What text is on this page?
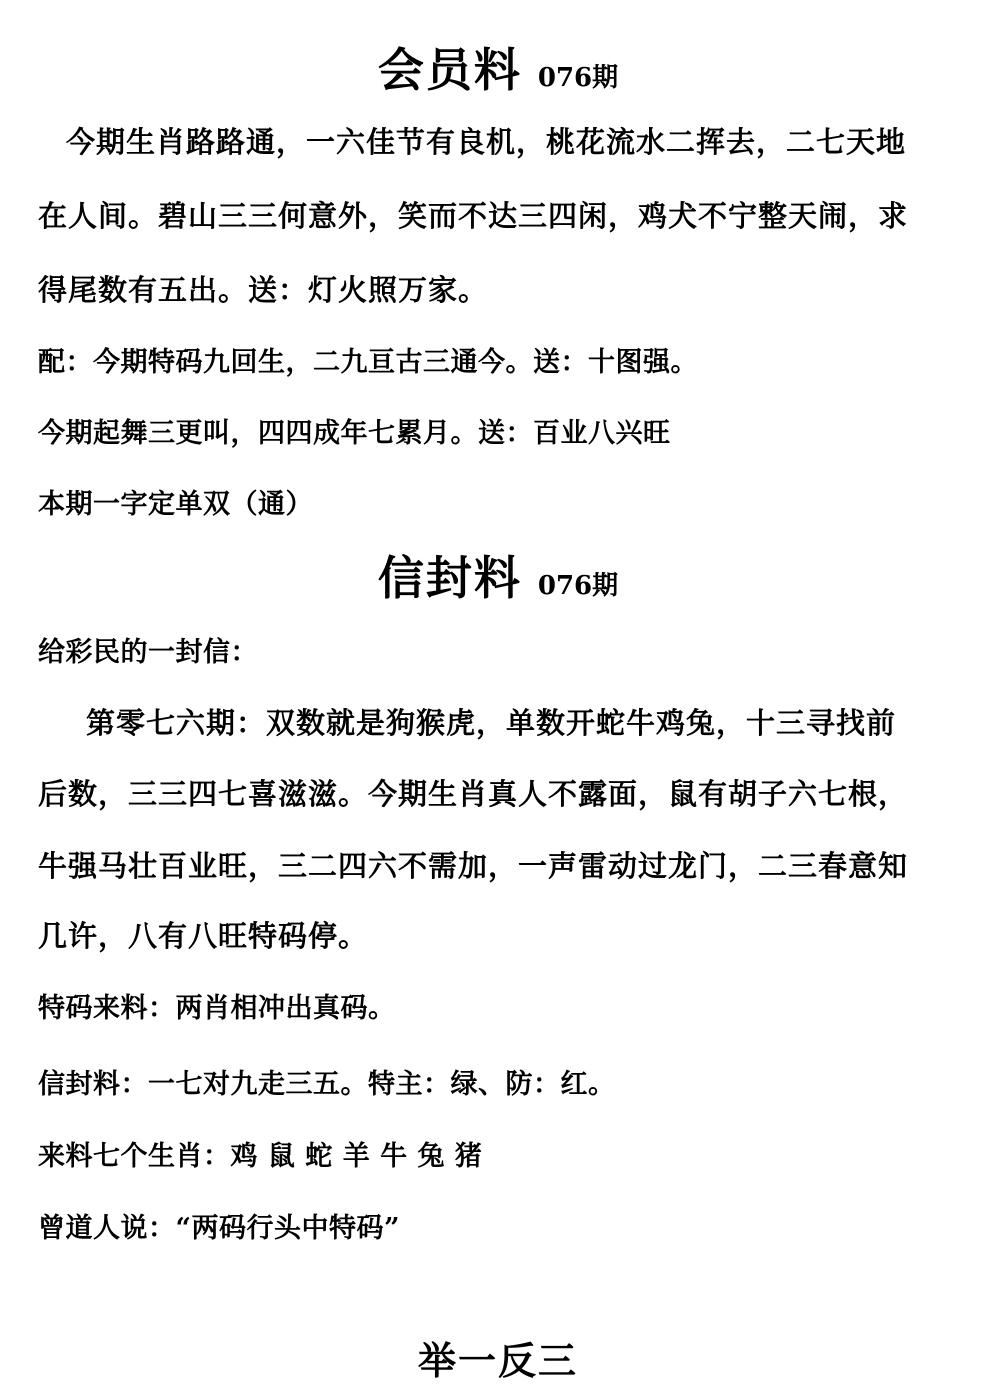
会员料 076期
今期生肖路路通，一六佳节有良机，桃花流水二挥去，二七天地
在人间。碧山三三何意外，笑而不达三四闲，鸡犬不宁整天闹，求
得尾数有五出。送：灯火照万家。
配：今期特码九回生，二九亘古三通今。送：十图强。
今期起舞三更叫，四四成年七累月。送：百业八兴旺
本期一字定单双（通）
信封料 076期
给彩民的一封信：
第零七六期：双数就是狗猴虎，单数开蛇牛鸡兔，十三寻找前
后数，三三四七喜滋滋。今期生肖真人不露面，鼠有胡子六七根，
牛强马壮百业旺，三二四六不需加，一声雷动过龙门，二三春意知
几许，八有八旺特码停。
特码来料：两肖相冲出真码。
信封料：一七对九走三五。特主：绿、防：红。
来料七个生肖：鸡 鼠 蛇 羊 牛 兔 猪
曾道人说：“两码行头中特码”
举一反三
